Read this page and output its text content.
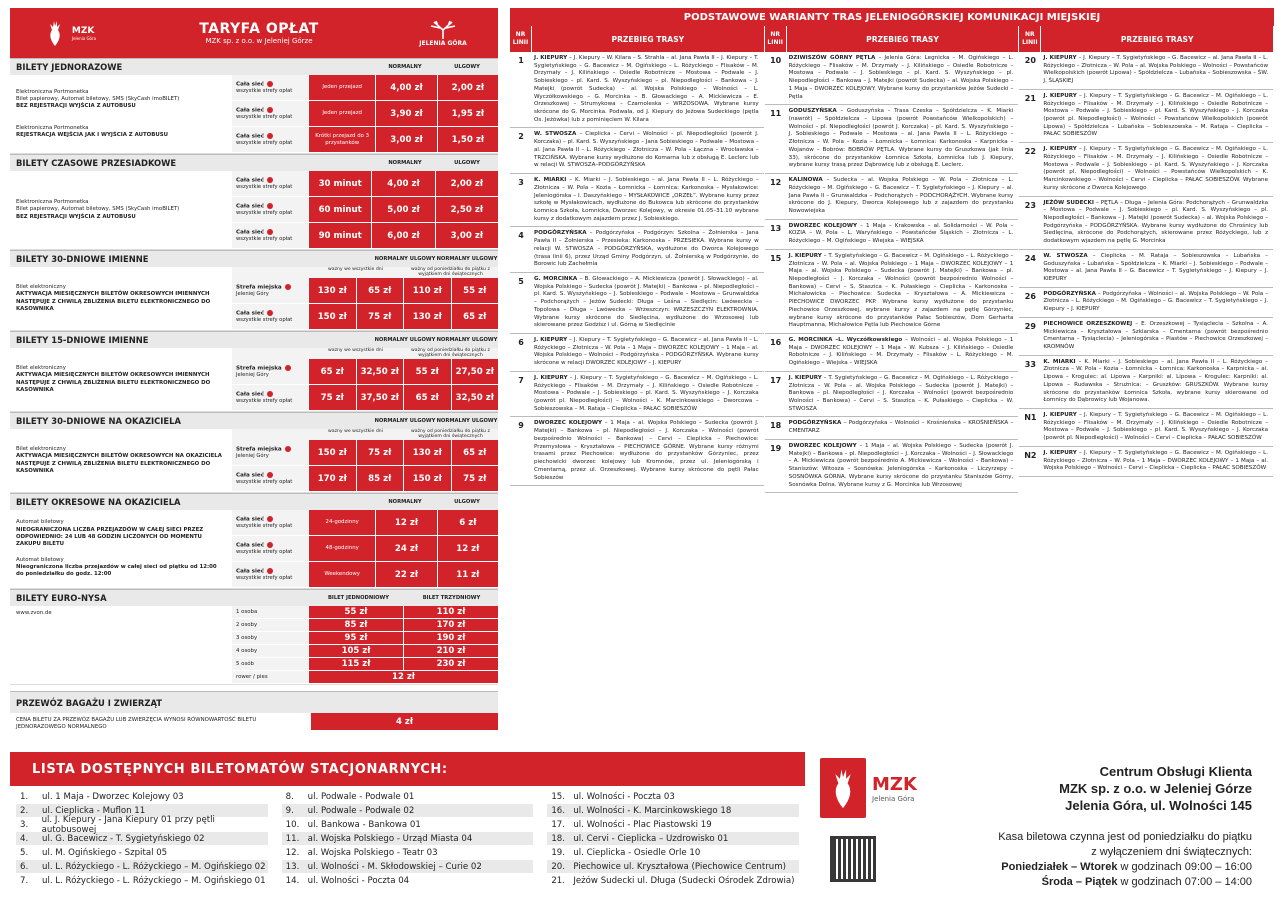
MZK
Jelenia Góra
TARYFA OPŁAT
MZK sp. z o.o. w Jeleniej Górze	JELENIA GÓRA
BILETY JEDNORAZOWE	NORMALNY	ULGOWY
Elektroniczna Portmonetka
Bilet papierowy, Automat biletowy, SMS (SkyCash imoBILET)
BEZ REJESTRACJI WYJŚCIA Z AUTOBUSU
Elektroniczna Portmonetka
REJESTRACJA WEJŚCIA JAK I WYJŚCIA Z AUTOBUSU
Cała sieć
wszystkie strefy opłat
Jeden przejazd	4,00 zł	2,00 zł
Cała sieć
wszystkie strefy opłat
Jeden przejazd	3,90 zł	1,95 zł
Cała sieć
wszystkie strefy opłat
Krótki przejazd do 3 przystanków	3,00 zł	1,50 zł
BILETY CZASOWE PRZESIADKOWE	NORMALNY	ULGOWY
Elektroniczna Portmonetka
Bilet papierowy, Automat biletowy, SMS (SkyCash imoBILET)
BEZ REJESTRACJI WYJŚCIA Z AUTOBUSU
Cała sieć
wszystkie strefy opłat	30 minut	4,00 zł	2,00 zł
Cała sieć
wszystkie strefy opłat	60 minut	5,00 zł	2,50 zł
Cała sieć
wszystkie strefy opłat	90 minut	6,00 zł	3,00 zł
BILETY 30-DNIOWE IMIENNE	NORMALNY ULGOWY NORMALNY ULGOWY
Bilet elektroniczny
AKTYWACJA MIESIĘCZNYCH BILETÓW OKRESOWYCH IMIENNYCH NASTĘPUJE Z CHWILĄ ZBLIŻENIA BILETU ELEKTRONICZNEGO DO KASOWNIKA
wazny we wszystkie dni	ważny od poniedziałku do piątku z wyjątkiem dni świątecznych
Strefa miejska
Jeleniej Góry	130 zł	65 zł	110 zł	55 zł
Cała sieć
wszystkie strefy opłat	150 zł	75 zł	130 zł	65 zł
BILETY 15-DNIOWE IMIENNE	NORMALNY ULGOWY NORMALNY ULGOWY
Bilet elektroniczny
AKTYWACJA MIESIĘCZNYCH BILETÓW OKRESOWYCH IMIENNYCH NASTĘPUJE Z CHWILĄ ZBLIŻENIA BILETU ELEKTRONICZNEGO DO KASOWNIKA
wazny we wszystkie dni	ważny od poniedziałku do piątku z wyjątkiem dni świątecznych
Strefa miejska
Jeleniej Góry	65 zł	32,50 zł	55 zł	27,50 zł
Cała sieć
wszystkie strefy opłat	75 zł	37,50 zł	65 zł	32,50 zł
BILETY 30-DNIOWE NA OKAZICIELA	NORMALNY ULGOWY NORMALNY ULGOWY
Bilet elektroniczny
AKTYWACJA MIESIĘCZNYCH BILETÓW OKRESOWYCH NA OKAZICIELA NASTĘPUJE Z CHWILĄ ZBLIŻENIA BILETU ELEKTRONICZNEGO DO KASOWNIKA
wazny we wszystkie dni	ważny od poniedziałku do piątku z wyjątkiem dni świątecznych
Strefa miejska
Jeleniej Góry	150 zł	75 zł	130 zł	65 zł
Cała sieć
wszystkie strefy opłat	170 zł	85 zł	150 zł	75 zł
BILETY OKRESOWE NA OKAZICIELA	NORMALNY	ULGOWY
Automat biletowy
NIEOGRANICZONA LICZBA PRZEJAZDÓW W CAŁEJ SIECI PRZEZ ODPOWIEDNIO: 24 LUB 48 GODZIN LICZONYCH OD MOMENTU ZAKUPU BILETU
Automat biletowy
Nieograniczona liczba przejazdów w całej sieci od piątku od 12:00 do poniedziałku do godz. 12:00
Cała sieć
wszystkie strefy opłat
24-godzinny	12 zł	6 zł
Cała sieć
wszystkie strefy opłat
48-godzinny	24 zł	12 zł
Cała sieć
wszystkie strefy opłat
Weekendowy	22 zł	11 zł
BILETY EURO-NYSA	BILET JEDNODNIOWY	BILET TRZYDNIOWY
www.zvon.de	1 osoba	55 zł	110 zł
2 osoby	85 zł	170 zł
3 osoby	95 zł	190 zł
4 osoby	105 zł	210 zł
5 osób	115 zł	230 zł
rower / pies	12 zł
PRZEWÓZ BAGAŻU I ZWIERZĄT
CENA BILETU ZA PRZEWÓZ BAGAŻU LUB ZWIERZĘCIA WYNOSI RÓWNOWARTOŚĆ BILETU JEDNORAZOWEGO NORMALNEGO
4 zł
PODSTAWOWE WARIANTY TRAS JELENIOGÓRSKIEJ KOMUNIKACJI MIEJSKIEJ
NR LINII	PRZEBIEG TRASY
1	J. KIEPURY – J. Kiepury – W. Kilara – S. Strahla – al. Jana Pawła II – J. Kiepury – T. Sygietyńskiego – G. Bacewicz – M. Ogińskiego – L. Różyckiego – Flisaków – M. Drzymały – J. Kilińskiego – Osiedle Robotnicze – Mostowa – Podwale – J. Sobieskiego – pl. Kard. S. Wyszyńskiego – pl. Niepodległości – Bankowa – J. Matejki (powrót Sudecka) – al. Wojska Polskiego – Wolności – L. Wyczółkowskiego – G. Morcinka – B. Głowackiego – A. Mickiewicza – E. Orzeszkowej – Strumykowa – Czarnoleska – WRZOSOWA. Wybrane kursy skrócone do G. Morcinka. Podwala, od J. Kiepury do Jeżowa Sudeckiego (pętla Os. Jeżówka) lub z pominięciem W. Kilara
2	W. STWOSZA – Cieplicka – Cervi – Wolności – pl. Niepodległości (powrót J. Korczaka) – pl. Kard. S. Wyszyńskiego – Jana Sobieskiego – Podwale – Mostowa – al. Jana Pawła II – L. Różyckiego – Złotnicza – W. Pola – Łączna – Wrocławska – TRZCIŃSKA. Wybrane kursy wydłużone do Komarna lub z obsługą E. Leclerc lub w relacji W. STWOSZA–PODGÓRZYŃSKA
3	K. MIARKI – K. Miarki – J. Sobieskiego – al. Jana Pawła II – L. Różyckiego – Złotnicza – W. Pola – Kozia – Łomnicka – Łomnica: Karkonoska – Mysłakowice: Jeleniogórska – I. Daszyńskiego – MYSŁAKOWICE „ORZEŁ”. Wybrane kursy przez szkołę w Mysłakowicach, wydłużone do Bukowca lub skrócone do przystanków Łomnica Szkoła, Łomnicka, Dworzec Kolejowy, w okresie 01.05–31.10 wybrane kursy z dodatkowym zajazdem przez J. Sobieskiego.
4	PODGÓRZYŃSKA – Podgórzyńska – Podgórzyn: Szkolna – Żołnierska – Jana Pawła II – Żołnierska – Przesieka: Karkonoska – PRZESIEKA. Wybrane kursy w relacji W. STWOSZA – PODGÓRZYŃSKA, wydłużone do Dworca Kolejowego (trasa linii 6), przez Urząd Gminy Podgórzyn, ul. Żołnierską w Podgórzynie, do Borowic lub Zachełmia
5	G. MORCINKA – B. Głowackiego – A. Mickiewicza (powrót J. Słowackiego) – al. Wojska Polskiego – Sudecka (powrót J. Matejki) – Bankowa – pl. Niepodległości – pl. Kard. S. Wyszyńskiego – J. Sobieskiego – Podwale – Mostowa – Grunwaldzka – Podchorążych – Jeżów Sudecki: Długa – Leśna – Siedlęcin: Lwóweckia – Topolowa – Długa – Lwówecka – Wrzeszczyn: WRZESZCZYN ELEKTROWNIA. Wybrane kursy skrócone do Siedlęcina, wydłużone do Wrzosowej lub skierowane przez Godzisz i ul. Górną w Siedlęcinie
6	J. KIEPURY – J. Kiepury – T. Sygietyńskiego – G. Bacewicz – al. Jana Pawła II – L. Różyckiego – Złotnicza – W. Pola – 1 Maja – DWORZEC KOLEJOWY – 1 Maja – al. Wojska Polskiego – Wolności – Podgórzyńska – PODGÓRZYŃSKA. Wybrane kursy skrócone w relacji DWORZEC KOLEJOWY – J. KIEPURY
7	J. KIEPURY – J. Kiepury – T. Sygietyńskiego – G. Bacewicz – M. Ogińskiego – L. Różyckiego – Flisaków – M. Drzymały – J. Kilińskiego – Osiedle Robotnicze – Mostowa – Podwale – J. Sobieskiego – pl. Kard. S. Wyszyńskiego – J. Korczaka (powrót pl. Niepodległości) – Wolności – K. Marcinkowskiego – Dworcowa – Sobieszowska – M. Rataja – Cieplicka – PAŁAC SOBIESZÓW
9	DWORZEC KOLEJOWY – 1 Maja – al. Wojska Polskiego – Sudecka (powrót J. Matejki) – Bankowa – pl. Niepodległości – J. Korczaka – Wolności (powrót bezpośrednio Wolności – Bankowa) – Cervi – Cieplicka – Piechowice: Przemysłowa – Kryształowa – PIECHOWICE GÓRNE. Wybrane kursy różnymi trasami przez Piechowice: wydłużone do przystanków Górzyniec, przez piechowicki dworzec kolejowy lub Kromnów, przez ul. Jeleniogórską i Cmentarną, przez ul. Orzeszkowej. Wybrane kursy skrócone do pętli Pałac Sobieszów
NR LINII	PRZEBIEG TRASY
10	DZIWISZÓW GÓRNY PĘTLA – Jelenia Góra: Legnicka – M. Ogińskiego – L. Różyckiego – Flisaków – M. Drzymały – J. Kilińskiego – Osiedle Robotnicze – Mostowa – Podwale – J. Sobieskiego – pl. Kard. S. Wyszyńskiego – pl. Niepodległości – Bankowa – J. Matejki (powrót Sudecka) – al. Wojska Polskiego – 1 Maja – DWORZEC KOLEJOWY. Wybrane kursy do przystanków Jeżów Sudecki – Pętla
11	GODUSZYŃSKA – Goduszyńska – Trasa Czeska – Spółdzielcza – K. Miarki (nawrót) – Spółdzielcza – Lipowa (powrót Powstańców Wielkopolskich) – Wolności – pl. Niepodległości (powrót J. Korczaka) – pl. Kard. S. Wyszyńskiego – J. Sobieskiego – Podwale – Mostowa – al. Jana Pawła II – L. Różyckiego – Złotnicza – W. Pola – Kozia – Łomnicka – Łomnica: Karkonoska – Karpnicka – Wojanów – Bobrów: BOBRÓW PĘTLA. Wybrane kursy do Gruszkowa (jak linia 33), skrócone do przystanków Łomnica Szkoła, Łomnicka lub J. Kiepury, wybrane kursy trasą przez Dąbrowicę lub z obsługą E. Leclerc.
12	KALINOWA – Sudecka – al. Wojska Polskiego – W. Pola – Złotnicza – L. Różyckiego – M. Ogińskiego – G. Bacewicz – T. Sygietyńskiego – J. Kiepury – al. Jana Pawła II – Grunwaldzka – Podchorążych – PODCHORĄŻYCH. Wybrane kursy skrócone do J. Kiepury, Dworca Kolejowego lub z zajazdem do przystanku Nowowiejska
13	DWORZEC KOLEJOWY – 1 Maja – Krakowska – al. Solidarności – W. Pola – KOZIA – W. Pola – L. Waryńskiego – Powstańców Śląskich – Złotnicza – L. Różyckiego – M. Ogińskiego – Wiejska – WIEJSKA
15	J. KIEPURY – T. Sygietyńskiego – G. Bacewicz – M. Ogińskiego – L. Różyckiego – Złotnicza – W. Pola – al. Wojska Polskiego – 1 Maja – DWORZEC KOLEJOWY – 1 Maja – al. Wojska Polskiego – Sudecka (powrót J. Matejki) – Bankowa – pl. Niepodległości – J. Korczaka – Wolności (powrót bezpośrednio Wolności – Bankowa) – Cervi – S. Staszica – K. Pułaskiego – Cieplicka – Karkonoska – Michałowicka – Piechowice: Sudecka – Kryształowa – A. Mickiewicza – PIECHOWICE DWORZEC PKP. Wybrane kursy wydłużone do przystanku Piechowice Orzeszkowej, wybrane kursy z zajazdem na pętlę Górzyniec, wybrane kursy skrócone do przystanków Pałac Sobieszów, Dom Gerharta Hauptmanna, Michałowice Pętla lub Piechowice Górne
16	G. MORCINKA –L. Wyczółkowskiego – Wolności – al. Wojska Polskiego – 1 Maja – DWORZEC KOLEJOWY – 1 Maja – W. Kubsza – J. Kilińskiego – Osiedle Robotnicze – J. Kilińskiego – M. Drzymały – Flisaków – L. Różyckiego – M. Ogińskiego – Wiejska – WIEJSKA
17	J. KIEPURY – T. Sygietyńskiego – G. Bacewicz – M. Ogińskiego – L. Różyckiego – Złotnicza – W. Pola – al. Wojska Polskiego – Sudecka (powrót J. Matejki) – Bankowa – pl. Niepodległości – J. Korczaka – Wolności (powrót bezpośrednio Wolności – Bankowa) – Cervi – S. Staszica – K. Pułaskiego – Cieplicka – W. STWOSZA
18	PODGÓRZYŃSKA – Podgórzyńska – Wolności – Krośnieńska – KROŚNIEŃSKA – CMENTARZ
19	DWORZEC KOLEJOWY – 1 Maja – al. Wojska Polskiego – Sudecka (powrót J. Matejki) – Bankowa – pl. Niepodległości – J. Korczaka – Wolności – J. Słowackiego – A. Mickiewicza (powrót bezpośrednio A. Mickiewicza – Wolności – Bankowa) – Staniszów: Witosza – Sosnówka: Jeleniogórska – Karkonoska – Liczyrzepy – SOSNÓWKA GÓRNA. Wybrane kursy skrócone do przystanku Staniszów Górny, Sosnówka Dolna. Wybrane kursy z G. Morcinka lub Wrzosowej
NR LINII	PRZEBIEG TRASY
20	J. KIEPURY – J. Kiepury – T. Sygietyńskiego – G. Bacewicz – al. Jana Pawła II – L. Różyckiego – Złotnicza – W. Pola – al. Wojska Polskiego – Wolności – Powstańców Wielkopolskich (powrót Lipowa) – Spółdzielcza – Lubańska – Sobieszowska – ŚW. J. ŚLĄSKIEJ
21	J. KIEPURY – J. Kiepury – T. Sygietyńskiego – G. Bacewicz – M. Ogińskiego – L. Różyckiego – Flisaków – M. Drzymały – J. Kilińskiego – Osiedle Robotnicze – Mostowa – Podwale – J. Sobieskiego – pl. Kard. S. Wyszyńskiego – J. Korczaka (powrót pl. Niepodległości) – Wolności – Powstańców Wielkopolskich (powrót Lipowa) – Spółdzielcza – Lubańska – Sobieszowska – M. Rataja – Cieplicka – PAŁAC SOBIESZÓW
22	J. KIEPURY – J. Kiepury – T. Sygietyńskiego – G. Bacewicz – M. Ogińskiego – L. Różyckiego – Flisaków – M. Drzymały – J. Kilińskiego – Osiedle Robotnicze – Mostowa – Podwale – J. Sobieskiego – pl. Kard. S. Wyszyńskiego – J. Korczaka (powrót pl. Niepodległości) – Wolności – Powstańców Wielkopolskich – K. Marcinkowskiego – Wolności – Cervi – Cieplicka – PAŁAC SOBIESZÓW. Wybrane kursy skrócone z Dworca Kolejowego
23	JEŻÓW SUDECKI – PĘTLA – Długa – Jelenia Góra: Podchorążych – Grunwaldzka – Mostowa – Podwale – J. Sobieskiego – pl. Kard. S. Wyszyńskiego – pl. Niepodległości – Bankowa – J. Matejki (powrót Sudecka) – al. Wojska Polskiego – Podgórzyńska – PODGÓRZYŃSKA. Wybrane kursy wydłużone do Chrośnicy lub Siedlęcina, skrócone do Podchorążych, skierowane przez Różyckiego, lub z dodatkowym wjazdem na pętlę G. Morcinka
24	W. STWOSZA – Cieplicka – M. Rataja – Sobieszowska – Lubańska – Goduszyńska – Lubańska – Spółdzielcza – K. Miarki – J. Sobieskiego – Podwale – Mostowa – al. Jana Pawła II – G. Bacewicz – T. Sygietyńskiego – J. Kiepury – J. KIEPURY
26	PODGÓRZYŃSKA – Podgórzyńska – Wolności – al. Wojska Polskiego – W. Pola – Złotnicza – L. Różyckiego – M. Ogińskiego – G. Bacewicz – T. Sygietyńskiego – J. Kiepury – J. KIEPURY
29	PIECHOWICE ORZESZKOWEJ – E. Orzeszkowej – Tysiąclecia – Szkolna – A. Mickiewicza – Kryształowa – Szklarska – Cmentarna (powrót bezpośrednio Cmentarna – Tysiąclecia) – Jeleniogórska – Piastów – Piechowice Orzeszkowej – KROMNÓW
33	K. MIARKI – K. Miarki – J. Sobieskiego – al. Jana Pawła II – L. Różyckiego – Złotnicza – W. Pola – Kozia – Łomnicka – Łomnica: Karkonoska – Karpnicka – al. Lipowa – Krogulec: al. Lipowa – Karpniki: al. Lipowa – Krogulec: Karpniki: al. Lipowa – Rudawska – Strużnica: – Gruszków: GRUSZKÓW. Wybrane kursy skrócone do przystanków Łomnica Szkoła, wybrane kursy skierowane od Łomnicy do Dąbrowicy lub Wojanowa.
N1	J. KIEPURY – J. Kiepury – T. Sygietyńskiego – G. Bacewicz – M. Ogińskiego – L. Różyckiego – Flisaków – M. Drzymały – J. Kilińskiego – Osiedle Robotnicze – Mostowa – Podwale – J. Sobieskiego – pl. Kard. S. Wyszyńskiego – J. Korczaka (powrót pl. Niepodległości) – Wolności – Cervi – Cieplicka – PAŁAC SOBIESZÓW
N2	J. KIEPURY – J. Kiepury – T. Sygietyńskiego – G. Bacewicz – M. Ogińskiego – L. Różyckiego – Złotnicza – W. Pola – 1 Maja – DWORZEC KOLEJOWY – 1 Maja – al. Wojska Polskiego – Wolności – Cervi – Cieplicka – Cieplicka – PAŁAC SOBIESZÓW
LISTA DOSTĘPNYCH BILETOMATÓW STACJONARNYCH:
1.	ul. 1 Maja - Dworzec Kolejowy 03
2.	ul. Cieplicka - Muflon 11
3.	ul. J. Kiepury - Jana Kiepury 01 przy pętli autobusowej
4.	ul. G. Bacewicz - T. Sygietyńskiego 02
5.	ul. M. Ogińskiego - Szpital 05
6.	ul. L. Różyckiego - L. Różyckiego – M. Ogińskiego 02
7.	ul. L. Różyckiego - L. Różyckiego – M. Ogińskiego 01
8.	ul. Podwale - Podwale 01
9.	ul. Podwale - Podwale 02
10. ul. Bankowa - Bankowa 01
11. al. Wojska Polskiego - Urząd Miasta 04
12. al. Wojska Polskiego - Teatr 03
13. ul. Wolności - M. Skłodowskiej – Curie 02
14. ul. Wolności - Poczta 04
15. ul. Wolności - Poczta 03
16. ul. Wolności - K. Marcinkowskiego 18
17. ul. Wolności - Plac Piastowski 19
18. ul. Cervi - Cieplicka – Uzdrowisko 01
19. ul. Cieplicka - Osiedle Orle 10
20. Piechowice ul. Kryształowa (Piechowice Centrum)
21. Jeżów Sudecki ul. Długa (Sudecki Ośrodek Zdrowia)
MZK
Jelenia Góra
Centrum Obsługi Klienta
MZK sp. z o.o. w Jeleniej Górze
Jelenia Góra, ul. Wolności 145
Kasa biletowa czynna jest od poniedziałku do piątku
z wyłączeniem dni świątecznych:
Poniedziałek – Wtorek w godzinach 09:00 – 16:00
Środa – Piątek w godzinach 07:00 – 14:00
